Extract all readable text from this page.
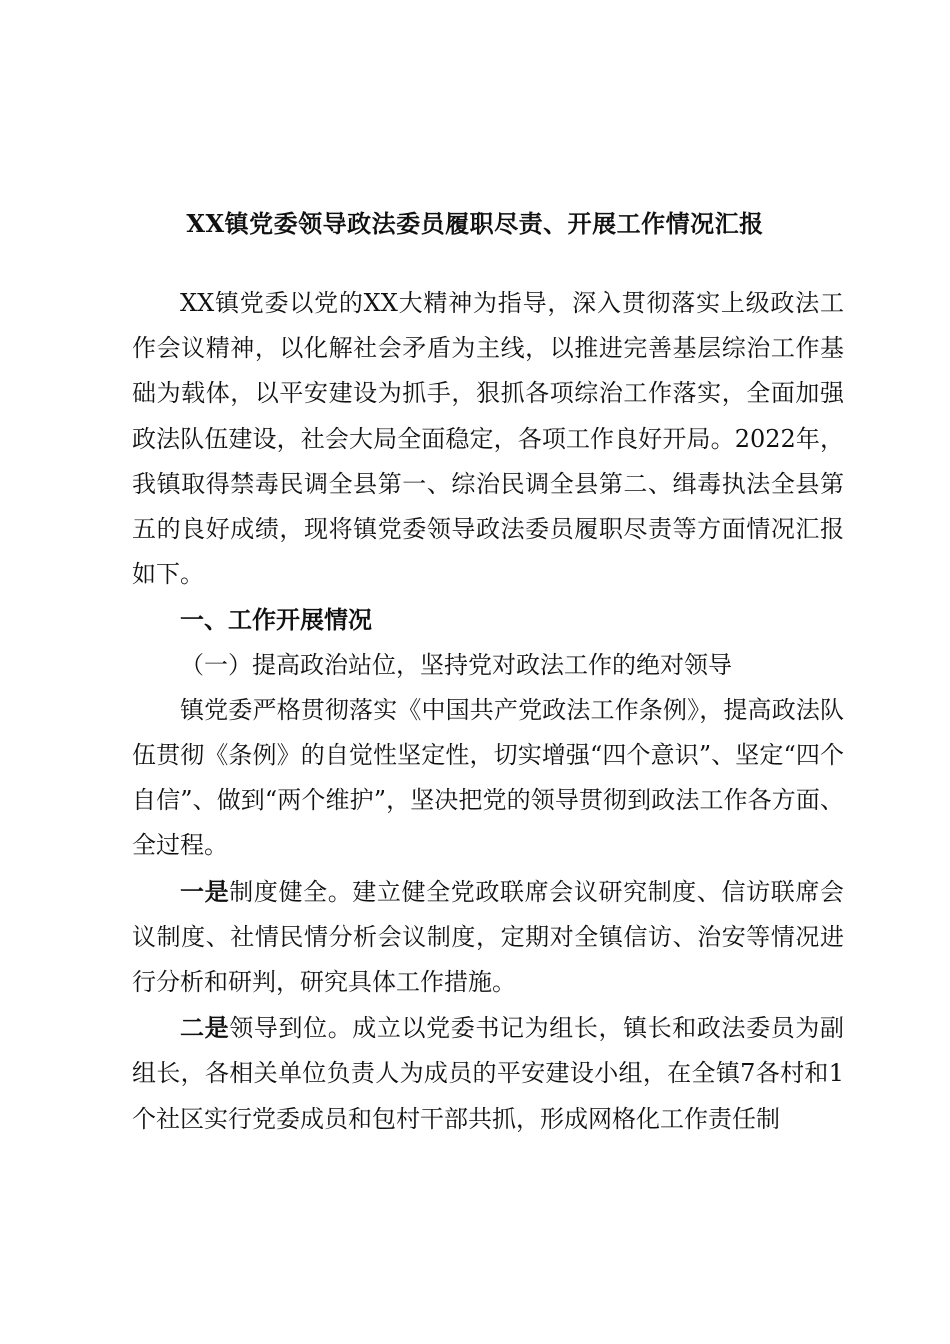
XX镇党委领导政法委员履职尽责、开展工作情况汇报

XX镇党委以党的XX大精神为指导，深入贯彻落实上级政法工作会议精神，以化解社会矛盾为主线，以推进完善基层综治工作基础为载体，以平安建设为抓手，狠抓各项综治工作落实，全面加强政法队伍建设，社会大局全面稳定，各项工作良好开局。2022年，我镇取得禁毒民调全县第一、综治民调全县第二、缉毒执法全县第五的良好成绩，现将镇党委领导政法委员履职尽责等方面情况汇报如下。

一、工作开展情况

（一）提高政治站位，坚持党对政法工作的绝对领导

镇党委严格贯彻落实《中国共产党政法工作条例》，提高政法队伍贯彻《条例》的自觉性坚定性，切实增强“四个意识”、坚定“四个自信”、做到“两个维护”，坚决把党的领导贯彻到政法工作各方面、全过程。

一是制度健全。建立健全党政联席会议研究制度、信访联席会议制度、社情民情分析会议制度，定期对全镇信访、治安等情况进行分析和研判，研究具体工作措施。

二是领导到位。成立以党委书记为组长，镇长和政法委员为副组长，各相关单位负责人为成员的平安建设小组，在全镇7各村和1个社区实行党委成员和包村干部共抓，形成网格化工作责任制
